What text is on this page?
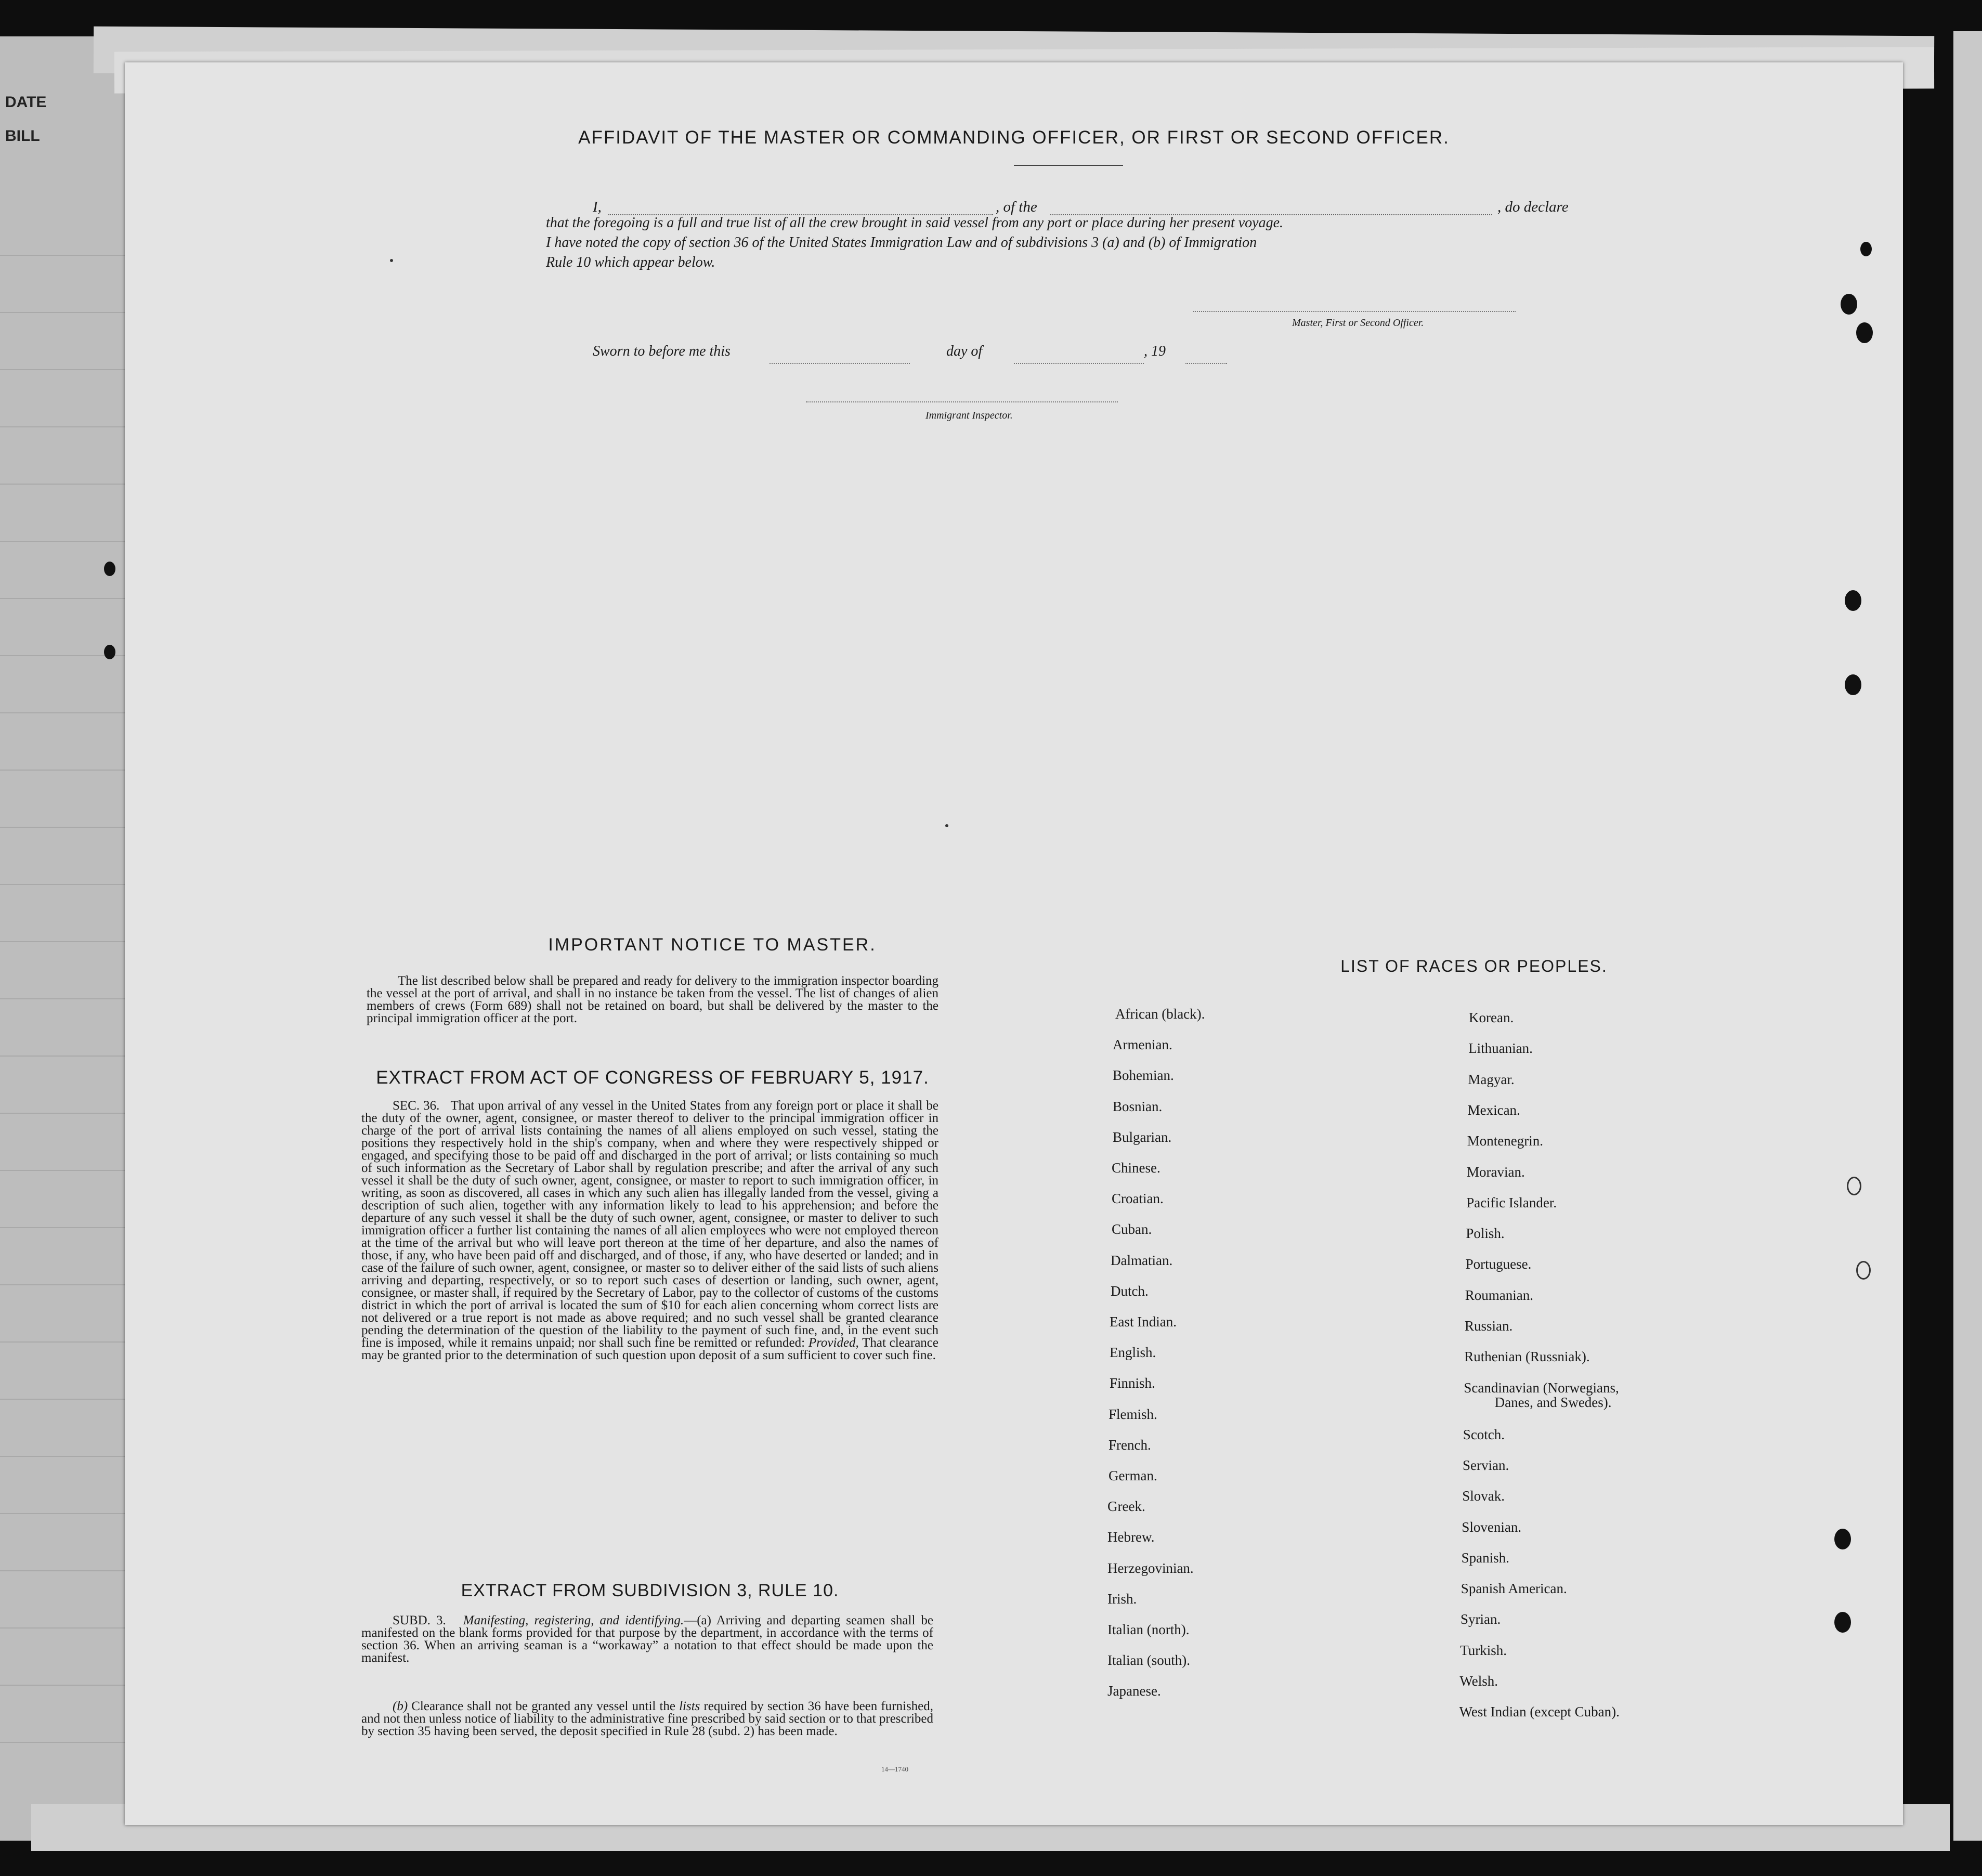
DATE
BILL	AFFIDAVIT OF THE MASTER OR COMMANDING OFFICER, OR FIRST OR SECOND OFFICER.
I,	, of the	, do declare
that the foregoing is a full and true list of all the crew brought in said vessel from any port or place during her present voyage.
I have noted the copy of section 36 of the United States Immigration Law and of subdivisions 3 (a) and (b) of Immigration
Rule 10 which appear below.
Master, First or Second Officer.
Sworn to before me this	day of	, 19
Immigrant Inspector.
IMPORTANT NOTICE TO MASTER.
The list described below shall be prepared and ready for delivery to the immigration inspector boarding the vessel at the port of arrival, and shall in no instance be taken from the vessel. The list of changes of alien members of crews (Form 689) shall not be retained on board, but shall be delivered by the master to the principal immigration officer at the port.
EXTRACT FROM ACT OF CONGRESS OF FEBRUARY 5, 1917.
SEC. 36. That upon arrival of any vessel in the United States from any foreign port or place it shall be the duty of the owner, agent, consignee, or master thereof to deliver to the principal immigration officer in charge of the port of arrival lists containing the names of all aliens employed on such vessel, stating the positions they respectively hold in the ship's company, when and where they were respectively shipped or engaged, and specifying those to be paid off and discharged in the port of arrival; or lists containing so much of such information as the Secretary of Labor shall by regulation prescribe; and after the arrival of any such vessel it shall be the duty of such owner, agent, consignee, or master to report to such immigration officer, in writing, as soon as discovered, all cases in which any such alien has illegally landed from the vessel, giving a description of such alien, together with any information likely to lead to his apprehension; and before the departure of any such vessel it shall be the duty of such owner, agent, consignee, or master to deliver to such immigration officer a further list containing the names of all alien employees who were not employed thereon at the time of the arrival but who will leave port thereon at the time of her departure, and also the names of those, if any, who have been paid off and discharged, and of those, if any, who have deserted or landed; and in case of the failure of such owner, agent, consignee, or master so to deliver either of the said lists of such aliens arriving and departing, respectively, or so to report such cases of desertion or landing, such owner, agent, consignee, or master shall, if required by the Secretary of Labor, pay to the collector of customs of the customs district in which the port of arrival is located the sum of $10 for each alien concerning whom correct lists are not delivered or a true report is not made as above required; and no such vessel shall be granted clearance pending the determination of the question of the liability to the payment of such fine, and, in the event such fine is imposed, while it remains unpaid; nor shall such fine be remitted or refunded: Provided, That clearance may be granted prior to the determination of such question upon deposit of a sum sufficient to cover such fine.
EXTRACT FROM SUBDIVISION 3, RULE 10.
SUBD. 3. Manifesting, registering, and identifying.—(a) Arriving and departing seamen shall be manifested on the blank forms provided for that purpose by the department, in accordance with the terms of section 36. When an arriving seaman is a “workaway” a notation to that effect should be made upon the manifest.
(b) Clearance shall not be granted any vessel until the lists required by section 36 have been furnished, and not then unless notice of liability to the administrative fine prescribed by said section or to that prescribed by section 35 having been served, the deposit specified in Rule 28 (subd. 2) has been made.
14—1740
LIST OF RACES OR PEOPLES.
African (black).
Armenian.
Bohemian.
Bosnian.
Bulgarian.
Chinese.
Croatian.
Cuban.
Dalmatian.
Dutch.
East Indian.
English.
Finnish.
Flemish.
French.
German.
Greek.
Hebrew.
Herzegovinian.
Irish.
Italian (north).
Italian (south).
Japanese.
Korean.
Lithuanian.
Magyar.
Mexican.
Montenegrin.
Moravian.
Pacific Islander.
Polish.
Portuguese.
Roumanian.
Russian.
Ruthenian (Russniak).
Scandinavian (Norwegians,
Danes, and Swedes).
Scotch.
Servian.
Slovak.
Slovenian.
Spanish.
Spanish American.
Syrian.
Turkish.
Welsh.
West Indian (except Cuban).
